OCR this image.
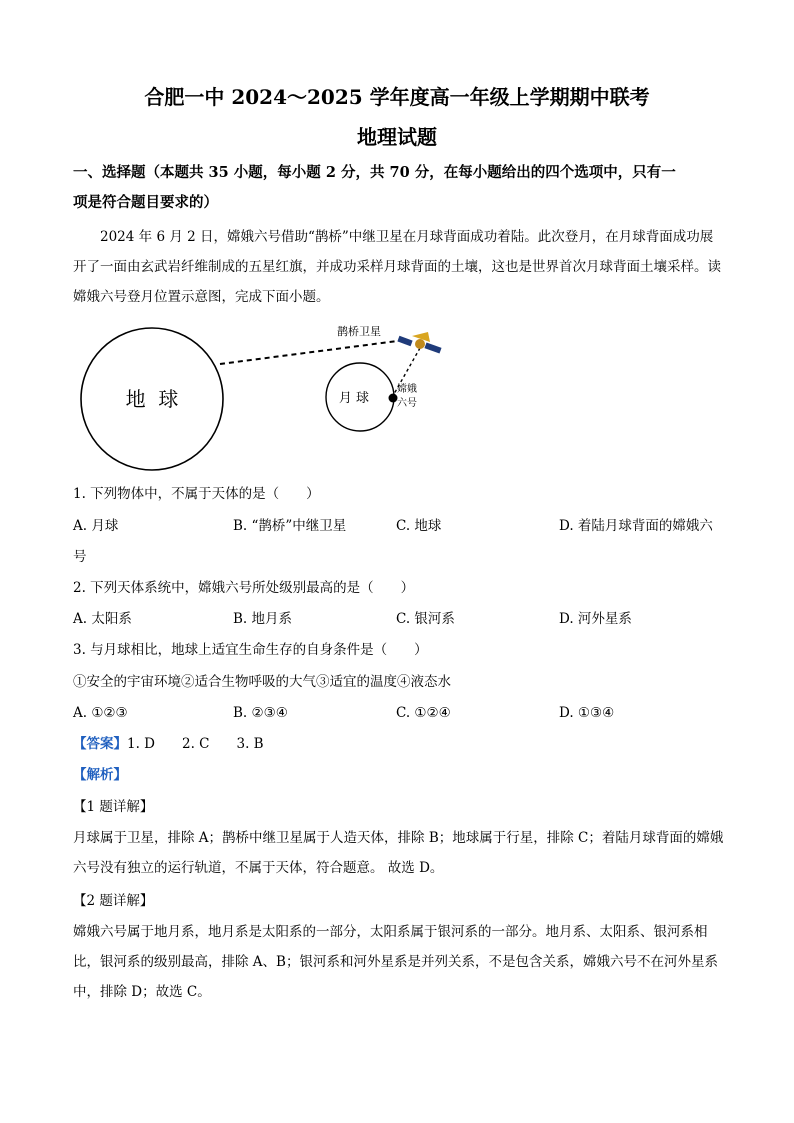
合肥一中 2024～2025 学年度高一年级上学期期中联考
地理试题
一、选择题（本题共 35 小题，每小题 2 分，共 70 分，在每小题给出的四个选项中，只有一
项是符合题目要求的）
2024 年 6 月 2 日，嫦娥六号借助“鹊桥”中继卫星在月球背面成功着陆。此次登月，在月球背面成功展开了一面由玄武岩纤维制成的五星红旗，并成功采样月球背面的土壤，这也是世界首次月球背面土壤采样。读嫦娥六号登月位置示意图，完成下面小题。
地  球	月 球
鹊桥卫星
嫦娥
六号
1. 下列物体中，不属于天体的是（　　）
A. 月球	B. “鹊桥”中继卫星	C. 地球	D. 着陆月球背面的嫦娥六
号
2. 下列天体系统中，嫦娥六号所处级别最高的是（　　）
A. 太阳系	B. 地月系	C. 银河系	D. 河外星系
3. 与月球相比，地球上适宜生命生存的自身条件是（　　）
①安全的宇宙环境②适合生物呼吸的大气③适宜的温度④液态水
A. ①②③	B. ②③④	C. ①②④	D. ①③④
【答案】1. D　　2. C　　3. B
【解析】
【1 题详解】
月球属于卫星，排除 A；鹊桥中继卫星属于人造天体，排除 B；地球属于行星，排除 C；着陆月球背面的嫦娥六号没有独立的运行轨道，不属于天体，符合题意。 故选 D。
【2 题详解】
嫦娥六号属于地月系，地月系是太阳系的一部分，太阳系属于银河系的一部分。地月系、太阳系、银河系相比，银河系的级别最高，排除 A、B；银河系和河外星系是并列关系，不是包含关系，嫦娥六号不在河外星系中，排除 D；故选 C。
